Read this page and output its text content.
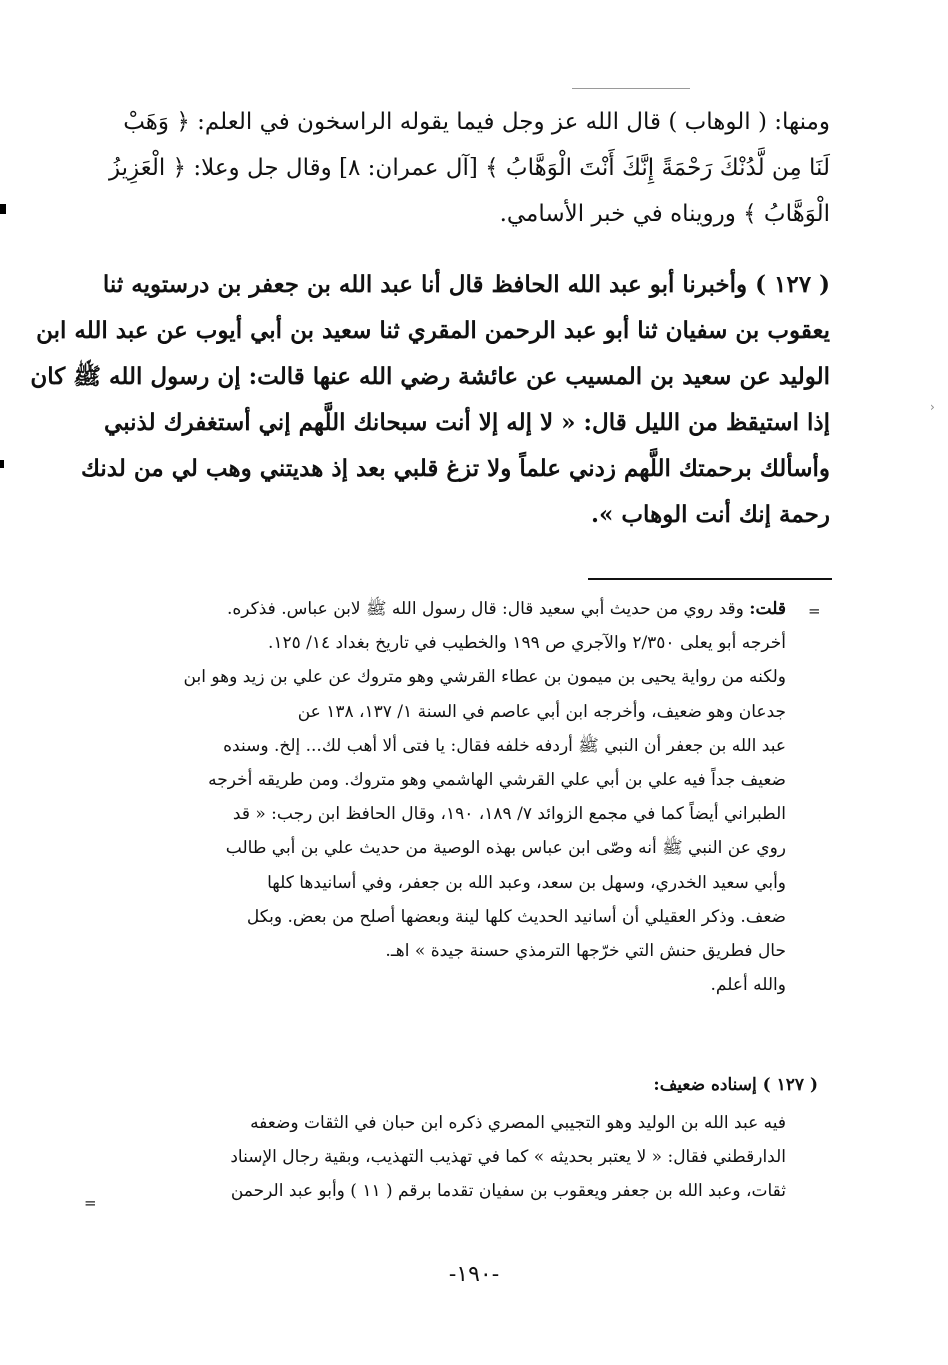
›
ومنها: ( الوهاب ) قال الله عز وجل فيما يقوله الراسخون في العلم: ﴿ وَهَبْ
لَنَا مِن لَّدُنْكَ رَحْمَةً إِنَّكَ أَنْتَ الْوَهَّابُ ﴾ [آل عمران: ٨] وقال جل وعلا: ﴿ الْعَزِيزُ
الْوَهَّابُ ﴾ ورويناه في خبر الأسامي.
( ١٢٧ ) وأخبرنا أبو عبد الله الحافظ قال أنا عبد الله بن جعفر بن درستويه ثنا
يعقوب بن سفيان ثنا أبو عبد الرحمن المقري ثنا سعيد بن أبي أيوب عن عبد الله ابن
الوليد عن سعيد بن المسيب عن عائشة رضي الله عنها قالت: إن رسول الله ﷺ كان
إذا استيقظ من الليل قال: « لا إله إلا أنت سبحانك اللَّهم إني أستغفرك لذنبي
وأسألك برحمتك اللَّهم زدني علماً ولا تزغ قلبي بعد إذ هديتني وهب لي من لدنك
رحمة إنك أنت الوهاب ».
=
قلت: وقد روي من حديث أبي سعيد قال: قال رسول الله ﷺ لابن عباس. فذكره.
أخرجه أبو يعلى ٢/٣٥٠ والآجري ص ١٩٩ والخطيب في تاريخ بغداد ١٤/ ١٢٥.
ولكنه من رواية يحيى بن ميمون بن عطاء القرشي وهو متروك عن علي بن زيد وهو ابن
جدعان وهو ضعيف، وأخرجه ابن أبي عاصم في السنة ١/ ١٣٧، ١٣٨ عن
عبد الله بن جعفر أن النبي ﷺ أردفه خلفه فقال: يا فتى ألا أهب لك... إلخ. وسنده
ضعيف جداً فيه علي بن أبي علي القرشي الهاشمي وهو متروك. ومن طريقه أخرجه
الطبراني أيضاً كما في مجمع الزوائد ٧/ ١٨٩، ١٩٠، وقال الحافظ ابن رجب: « قد
روي عن النبي ﷺ أنه وصّى ابن عباس بهذه الوصية من حديث علي بن أبي طالب
وأبي سعيد الخدري، وسهل بن سعد، وعبد الله بن جعفر، وفي أسانيدها كلها
ضعف. وذكر العقيلي أن أسانيد الحديث كلها لينة وبعضها أصلح من بعض. وبكل
حال فطريق حنش التي خرّجها الترمذي حسنة جيدة » اهـ.
والله أعلم.
( ١٢٧ ) إسناده ضعيف:
فيه عبد الله بن الوليد وهو التجيبي المصري ذكره ابن حبان في الثقات وضعفه
الدارقطني فقال: « لا يعتبر بحديثه » كما في تهذيب التهذيب، وبقية رجال الإسناد
ثقات، وعبد الله بن جعفر ويعقوب بن سفيان تقدما برقم ( ١١ ) وأبو عبد الرحمن
=
-١٩٠-
